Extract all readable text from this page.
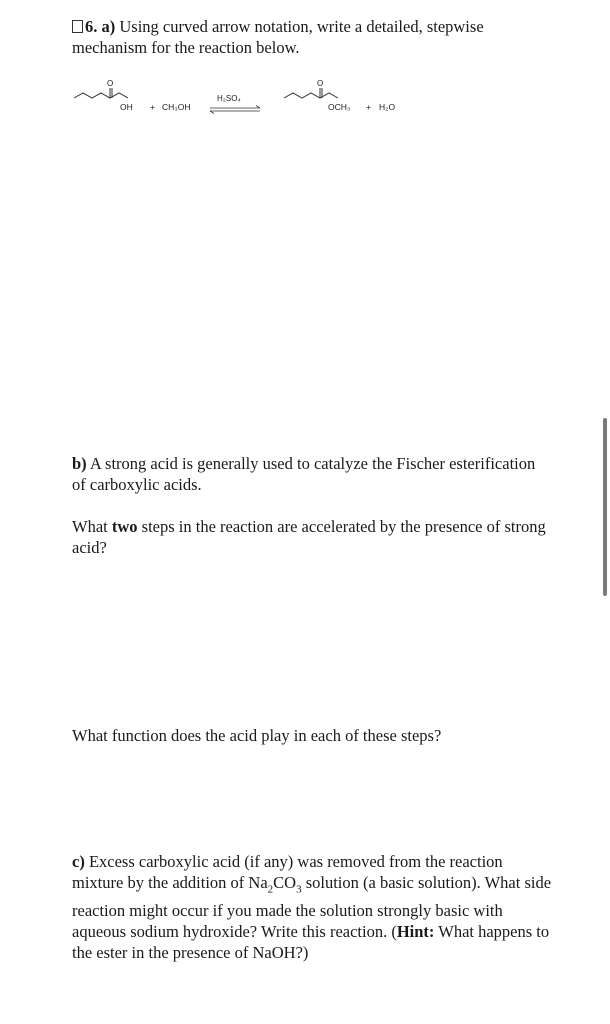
6. a) Using curved arrow notation, write a detailed, stepwise mechanism for the reaction below.

O
OH + CH₃OH
H₂SO₄
O
OCH₃ + H₂O

b) A strong acid is generally used to catalyze the Fischer esterification of carboxylic acids.

What two steps in the reaction are accelerated by the presence of strong acid?

What function does the acid play in each of these steps?

c) Excess carboxylic acid (if any) was removed from the reaction mixture by the addition of $Na_2CO_3$ solution (a basic solution). What side reaction might occur if you made the solution strongly basic with aqueous sodium hydroxide? Write this reaction. (Hint: What happens to the ester in the presence of NaOH?)
